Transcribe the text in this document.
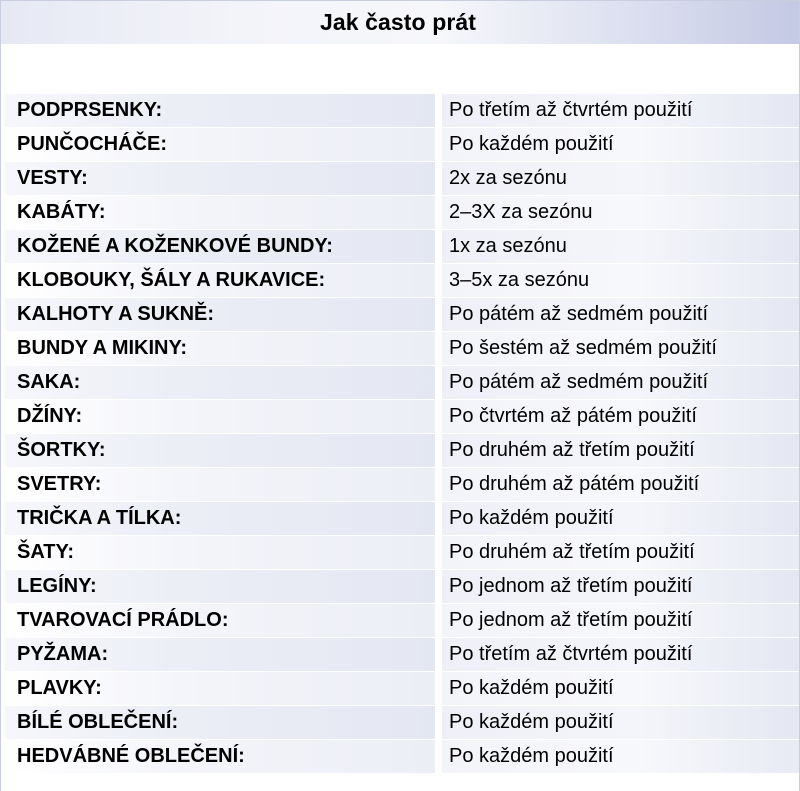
Jak často prát
PODPRSENKY:	Po třetím až čtvrtém použití
PUNČOCHÁČE:	Po každém použití
VESTY:	2x za sezónu
KABÁTY:	2–3X za sezónu
KOŽENÉ A KOŽENKOVÉ BUNDY:	1x za sezónu
KLOBOUKY, ŠÁLY A RUKAVICE:	3–5x za sezónu
KALHOTY A SUKNĚ:	Po pátém až sedmém použití
BUNDY A MIKINY:	Po šestém až sedmém použití
SAKA:	Po pátém až sedmém použití
DŽÍNY:	Po čtvrtém až pátém použití
ŠORTKY:	Po druhém až třetím použití
SVETRY:	Po druhém až pátém použití
TRIČKA A TÍLKA:	Po každém použití
ŠATY:	Po druhém až třetím použití
LEGÍNY:	Po jednom až třetím použití
TVAROVACÍ PRÁDLO:	Po jednom až třetím použití
PYŽAMA:	Po třetím až čtvrtém použití
PLAVKY:	Po každém použití
BÍLÉ OBLEČENÍ:	Po každém použití
HEDVÁBNÉ OBLEČENÍ:	Po každém použití
